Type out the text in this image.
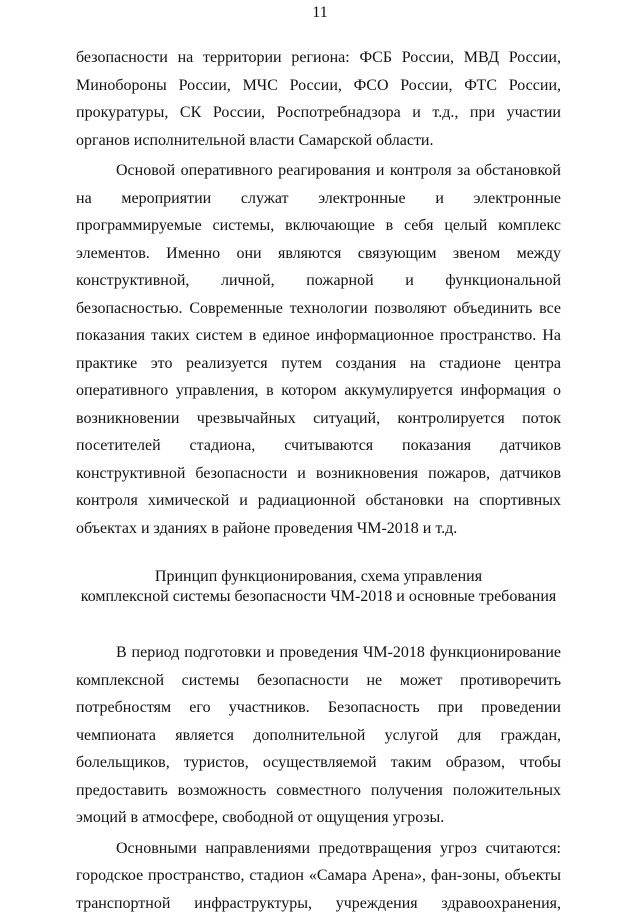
11

безопасности на территории региона: ФСБ России, МВД России, Минобороны России, МЧС России, ФСО России, ФТС России, прокуратуры, СК России, Роспотребнадзора и т.д., при участии органов исполнительной власти Самарской области.

Основой оперативного реагирования и контроля за обстановкой на мероприятии служат электронные и электронные программируемые системы, включающие в себя целый комплекс элементов. Именно они являются связующим звеном между конструктивной, личной, пожарной и функциональной безопасностью. Современные технологии позволяют объединить все показания таких систем в единое информационное пространство. На практике это реализуется путем создания на стадионе центра оперативного управления, в котором аккумулируется информация о возникновении чрезвычайных ситуаций, контролируется поток посетителей стадиона, считываются показания датчиков конструктивной безопасности и возникновения пожаров, датчиков контроля химической и радиационной обстановки на спортивных объектах и зданиях в районе проведения ЧМ-2018 и т.д.

Принцип функционирования, схема управления
комплексной системы безопасности ЧМ-2018 и основные требования

В период подготовки и проведения ЧМ-2018 функционирование комплексной системы безопасности не может противоречить потребностям его участников. Безопасность при проведении чемпионата является дополнительной услугой для граждан, болельщиков, туристов, осуществляемой таким образом, чтобы предоставить возможность совместного получения положительных эмоций в атмосфере, свободной от ощущения угрозы.

Основными направлениями предотвращения угроз считаются: городское пространство, стадион «Самара Арена», фан-зоны, объекты транспортной инфраструктуры, учреждения здравоохранения,
